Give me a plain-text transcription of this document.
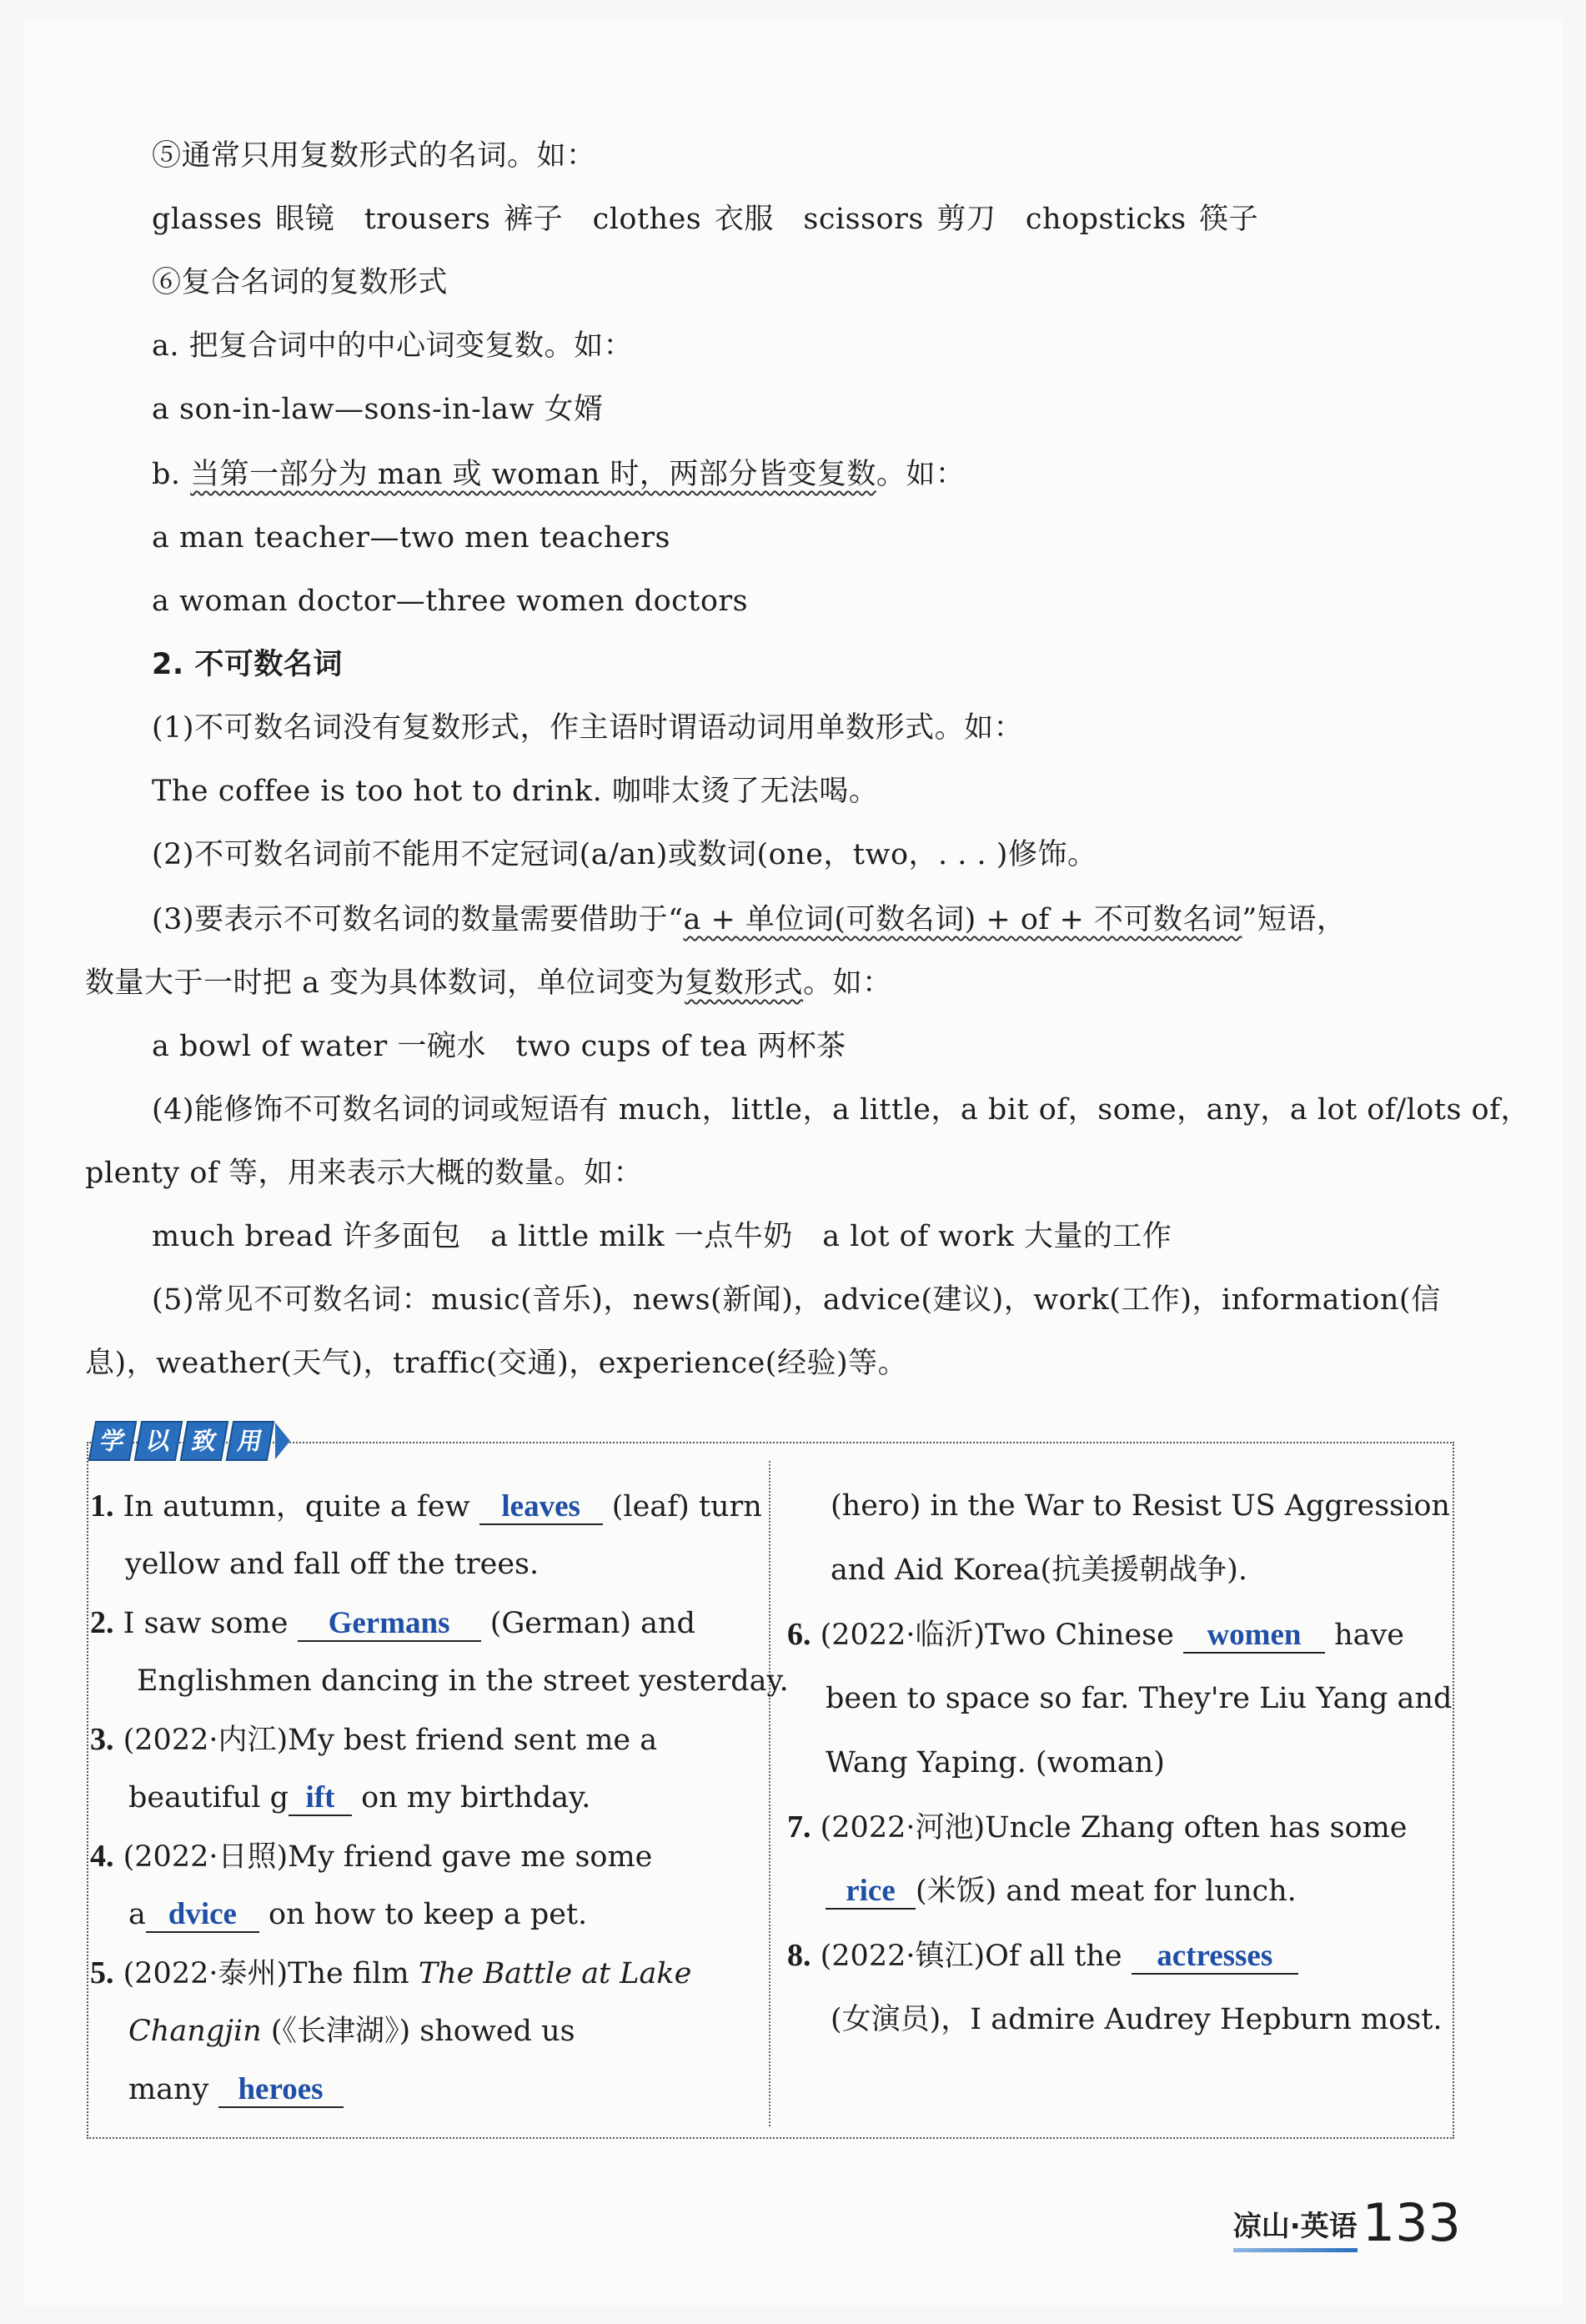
⑤通常只用复数形式的名词。如：
glasses 眼镜　trousers 裤子　clothes 衣服　scissors 剪刀　chopsticks 筷子
⑥复合名词的复数形式
a. 把复合词中的中心词变复数。如：
a son-in-law—sons-in-law 女婿
b. 当第一部分为 man 或 woman 时，两部分皆变复数。如：
a man teacher—two men teachers
a woman doctor—three women doctors
2. 不可数名词
(1)不可数名词没有复数形式，作主语时谓语动词用单数形式。如：
The coffee is too hot to drink. 咖啡太烫了无法喝。
(2)不可数名词前不能用不定冠词(a/an)或数词(one，two，. . . )修饰。
(3)要表示不可数名词的数量需要借助于“a + 单位词(可数名词) + of + 不可数名词”短语，
数量大于一时把 a 变为具体数词，单位词变为复数形式。如：
a bowl of water 一碗水　two cups of tea 两杯茶
(4)能修饰不可数名词的词或短语有 much，little，a little，a bit of，some，any，a lot of/lots of，
plenty of 等，用来表示大概的数量。如：
much bread 许多面包　a little milk 一点牛奶　a lot of work 大量的工作
(5)常见不可数名词：music(音乐)，news(新闻)，advice(建议)，work(工作)，information(信
息)，weather(天气)，traffic(交通)，experience(经验)等。
学 以 致 用
1. In autumn，quite a few leaves (leaf) turn
yellow and fall off the trees.
2. I saw some Germans (German) and
Englishmen dancing in the street yesterday.
3. (2022·内江)My best friend sent me a
beautiful g ift on my birthday.
4. (2022·日照)My friend gave me some
a dvice on how to keep a pet.
5. (2022·泰州)The film The Battle at Lake
Changjin (《长津湖》) showed us
many heroes
(hero) in the War to Resist US Aggression
and Aid Korea(抗美援朝战争).
6. (2022·临沂)Two Chinese women have
been to space so far. They're Liu Yang and
Wang Yaping. (woman)
7. (2022·河池)Uncle Zhang often has some
rice (米饭) and meat for lunch.
8. (2022·镇江)Of all the actresses
(女演员)，I admire Audrey Hepburn most.
凉山·英语 133
